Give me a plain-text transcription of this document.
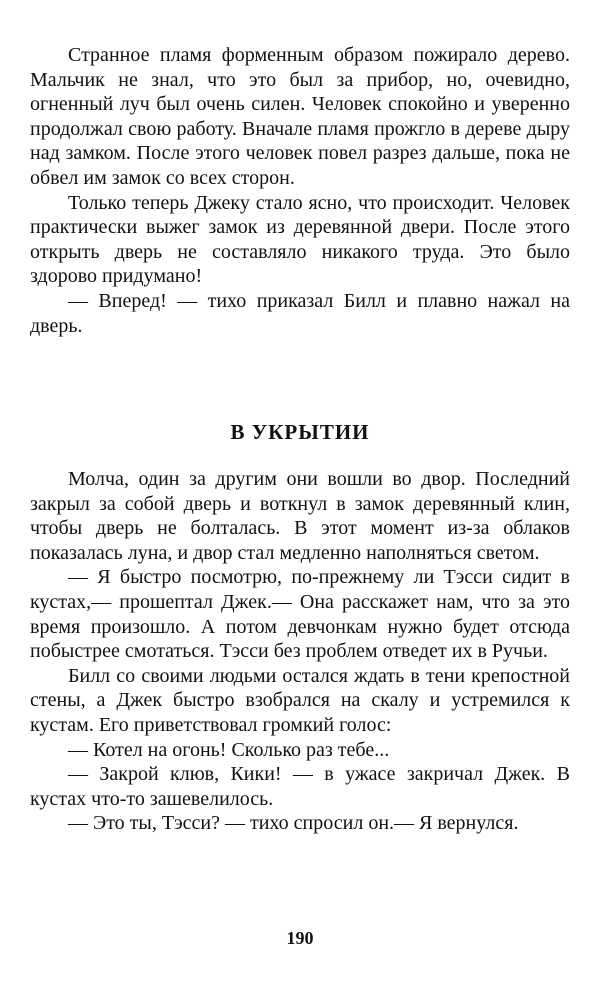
Странное пламя форменным образом пожирало дерево. Мальчик не знал, что это был за прибор, но, очевидно, огненный луч был очень силен. Человек спокойно и уверенно продолжал свою работу. Вначале пламя прожгло в дереве дыру над замком. После этого человек повел разрез дальше, пока не обвел им замок со всех сторон.

Только теперь Джеку стало ясно, что происходит. Человек практически выжег замок из деревянной двери. После этого открыть дверь не составляло никакого труда. Это было здорово придумано!

— Вперед! — тихо приказал Билл и плавно нажал на дверь.

В УКРЫТИИ

Молча, один за другим они вошли во двор. Последний закрыл за собой дверь и воткнул в замок деревянный клин, чтобы дверь не болталась. В этот момент из-за облаков показалась луна, и двор стал медленно наполняться светом.

— Я быстро посмотрю, по-прежнему ли Тэсси сидит в кустах,— прошептал Джек.— Она расскажет нам, что за это время произошло. А потом девчонкам нужно будет отсюда побыстрее смотаться. Тэсси без проблем отведет их в Ручьи.

Билл со своими людьми остался ждать в тени крепостной стены, а Джек быстро взобрался на скалу и устремился к кустам. Его приветствовал громкий голос:

— Котел на огонь! Сколько раз тебе...

— Закрой клюв, Кики! — в ужасе закричал Джек. В кустах что-то зашевелилось.

— Это ты, Тэсси? — тихо спросил он.— Я вернулся.

190
